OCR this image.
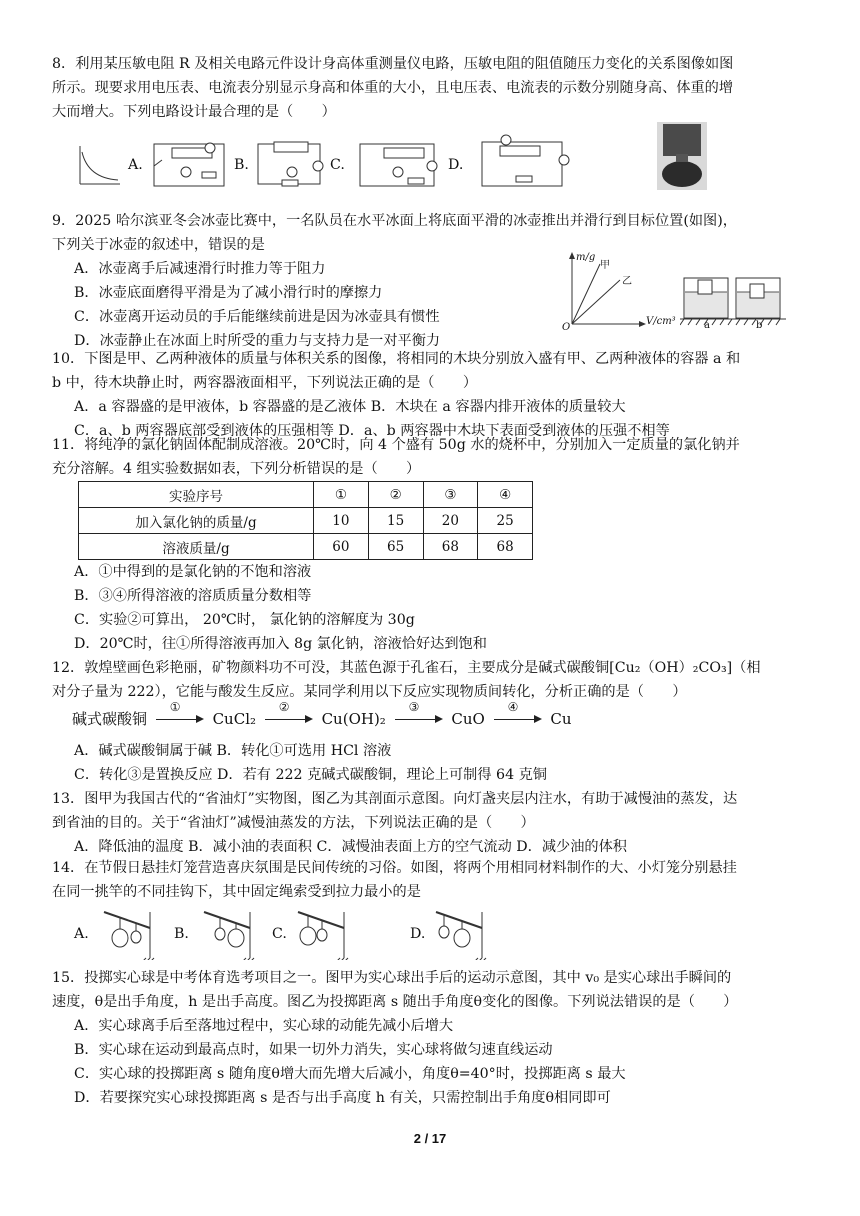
8．利用某压敏电阻 R 及相关电路元件设计身高体重测量仪电路，压敏电阻的阻值随压力变化的关系图像如图
所示。现要求用电压表、电流表分别显示身高和体重的大小，且电压表、电流表的示数分别随身高、体重的增
大而增大。下列电路设计最合理的是（　　）
A.	B.	C.	D.
9．2025 哈尔滨亚冬会冰壶比赛中，一名队员在水平冰面上将底面平滑的冰壶推出并滑行到目标位置(如图)，
下列关于冰壶的叙述中，错误的是
A．冰壶离手后减速滑行时推力等于阻力
B．冰壶底面磨得平滑是为了减小滑行时的摩擦力
C．冰壶离开运动员的手后能继续前进是因为冰壶具有惯性
D．冰壶静止在冰面上时所受的重力与支持力是一对平衡力
m/g
V/cm³
O
甲
乙
a	b
10．下图是甲、乙两种液体的质量与体积关系的图像，将相同的木块分别放入盛有甲、乙两种液体的容器 a 和
b 中，待木块静止时，两容器液面相平，下列说法正确的是（　　）
A．a 容器盛的是甲液体，b 容器盛的是乙液体 B．木块在 a 容器内排开液体的质量较大
C．a、b 两容器底部受到液体的压强相等 D．a、b 两容器中木块下表面受到液体的压强不相等
11．将纯净的氯化钠固体配制成溶液。20℃时，向 4 个盛有 50g 水的烧杯中，分别加入一定质量的氯化钠并
充分溶解。4 组实验数据如表，下列分析错误的是（　　）
实验序号	①	②	③	④
加入氯化钠的质量/g	10	15	20	25
溶液质量/g	60	65	68	68
A．①中得到的是氯化钠的不饱和溶液
B．③④所得溶液的溶质质量分数相等
C．实验②可算出， 20℃时， 氯化钠的溶解度为 30g
D．20℃时，往①所得溶液再加入 8g 氯化钠，溶液恰好达到饱和
12．敦煌壁画色彩艳丽，矿物颜料功不可没，其蓝色源于孔雀石，主要成分是碱式碳酸铜[Cu₂（OH）₂CO₃]（相
对分子量为 222），它能与酸发生反应。某同学利用以下反应实现物质间转化，分析正确的是（　　）
碱式碳酸铜
①
CuCl₂
②
Cu(OH)₂
③
CuO
④
Cu
A．碱式碳酸铜属于碱 B．转化①可选用 HCl 溶液
C．转化③是置换反应 D．若有 222 克碱式碳酸铜，理论上可制得 64 克铜
13．图甲为我国古代的“省油灯”实物图，图乙为其剖面示意图。向灯盏夹层内注水，有助于减慢油的蒸发，达
到省油的目的。关于“省油灯”减慢油蒸发的方法，下列说法正确的是（　　）
A．降低油的温度 B．减小油的表面积 C．减慢油表面上方的空气流动 D．减少油的体积
14．在节假日悬挂灯笼营造喜庆氛围是民间传统的习俗。如图，将两个用相同材料制作的大、小灯笼分别悬挂
在同一挑竿的不同挂钩下，其中固定绳索受到拉力最小的是
A.	B.	C.	D.
15．投掷实心球是中考体育选考项目之一。图甲为实心球出手后的运动示意图，其中 v₀ 是实心球出手瞬间的
速度，θ是出手角度，h 是出手高度。图乙为投掷距离 s 随出手角度θ变化的图像。下列说法错误的是（　　）
A．实心球离手后至落地过程中，实心球的动能先减小后增大
B．实心球在运动到最高点时，如果一切外力消失，实心球将做匀速直线运动
C．实心球的投掷距离 s 随角度θ增大而先增大后减小，角度θ=40°时，投掷距离 s 最大
D．若要探究实心球投掷距离 s 是否与出手高度 h 有关，只需控制出手角度θ相同即可
2 / 17
